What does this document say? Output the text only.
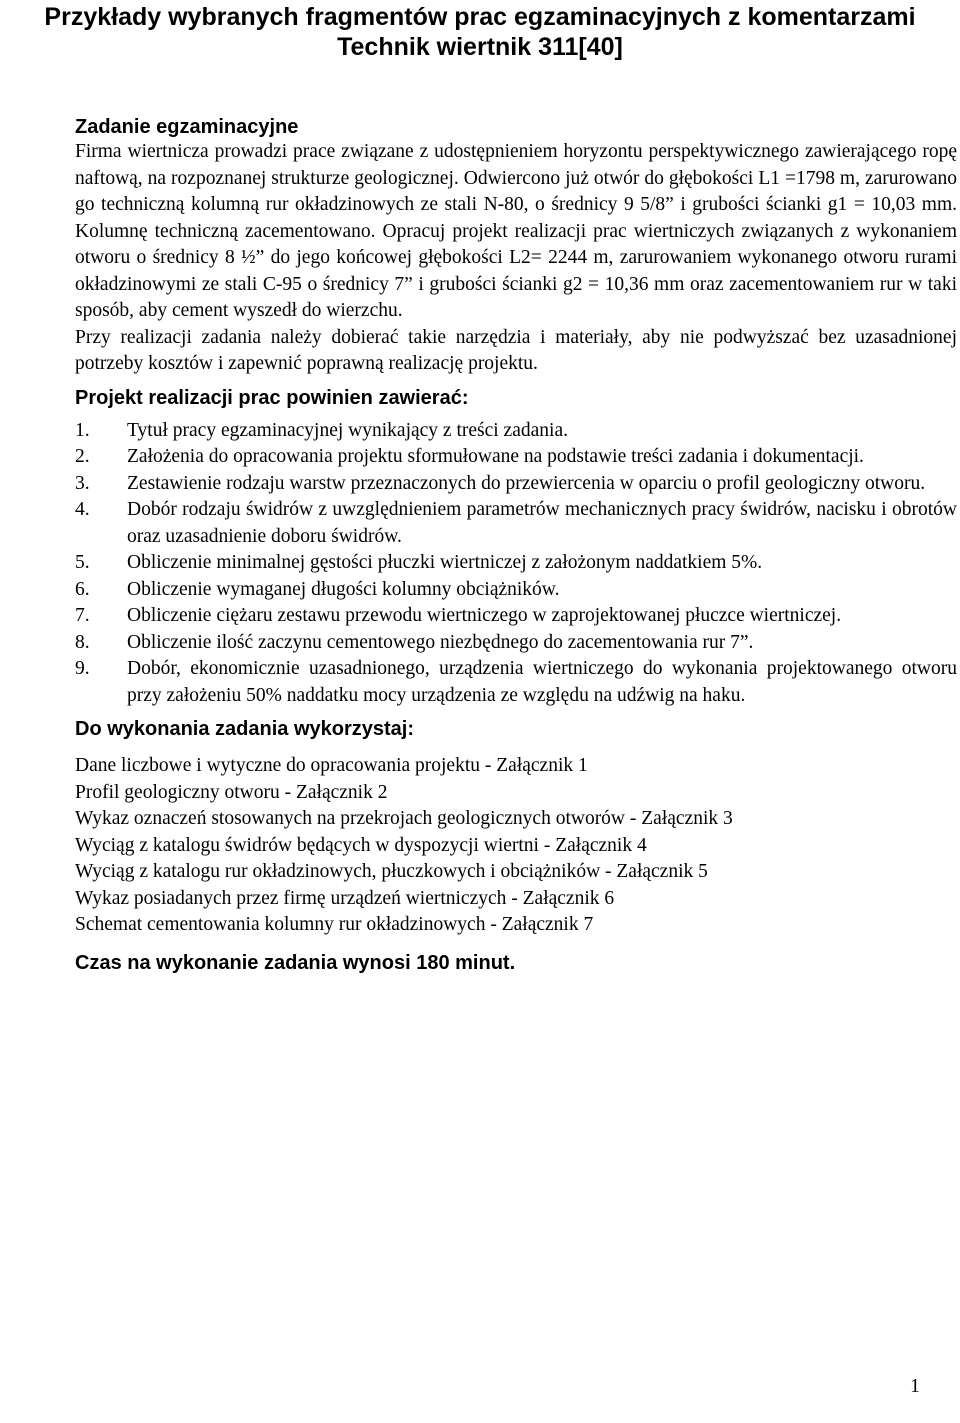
Przykłady wybranych fragmentów prac egzaminacyjnych z komentarzami
Technik wiertnik 311[40]
Zadanie egzaminacyjne

Firma wiertnicza prowadzi prace związane z udostępnieniem horyzontu perspektywicznego zawierającego ropę naftową, na rozpoznanej strukturze geologicznej. Odwiercono już otwór do głębokości L1 =1798 m, zarurowano go techniczną kolumną rur okładzinowych ze stali N-80, o średnicy 9 5/8” i grubości ścianki g1 = 10,03 mm. Kolumnę techniczną zacementowano. Opracuj projekt realizacji prac wiertniczych związanych z wykonaniem otworu o średnicy 8 ½” do jego końcowej głębokości L2= 2244 m, zarurowaniem wykonanego otworu rurami okładzinowymi ze stali C-95 o średnicy 7” i grubości ścianki g2 = 10,36 mm oraz zacementowaniem rur w taki sposób, aby cement wyszedł do wierzchu.

Przy realizacji zadania należy dobierać takie narzędzia i materiały, aby nie podwyższać bez uzasadnionej potrzeby kosztów i zapewnić poprawną realizację projektu.

Projekt realizacji prac powinien zawierać:
1.	Tytuł pracy egzaminacyjnej wynikający z treści zadania.
2.	Założenia do opracowania projektu sformułowane na podstawie treści zadania i dokumentacji.
3.	Zestawienie rodzaju warstw przeznaczonych do przewiercenia w oparciu o profil geologiczny otworu.
4.	Dobór rodzaju świdrów z uwzględnieniem parametrów mechanicznych pracy świdrów, nacisku i obrotów oraz uzasadnienie doboru świdrów.
5.	Obliczenie minimalnej gęstości płuczki wiertniczej z założonym naddatkiem 5%.
6.	Obliczenie wymaganej długości kolumny obciążników.
7.	Obliczenie ciężaru zestawu przewodu wiertniczego w zaprojektowanej płuczce wiertniczej.
8.	Obliczenie ilość zaczynu cementowego niezbędnego do zacementowania rur 7”.
9.	Dobór, ekonomicznie uzasadnionego, urządzenia wiertniczego do wykonania projektowanego otworu przy założeniu 50% naddatku mocy urządzenia ze względu na udźwig na haku.
Do wykonania zadania wykorzystaj:
Dane liczbowe i wytyczne do opracowania projektu - Załącznik 1
Profil geologiczny otworu - Załącznik 2
Wykaz oznaczeń stosowanych na przekrojach geologicznych otworów - Załącznik 3
Wyciąg z katalogu świdrów będących w dyspozycji wiertni - Załącznik 4
Wyciąg z katalogu rur okładzinowych, płuczkowych i obciążników - Załącznik 5
Wykaz posiadanych przez firmę urządzeń wiertniczych - Załącznik 6
Schemat cementowania kolumny rur okładzinowych - Załącznik 7
Czas na wykonanie zadania wynosi 180 minut.
1
